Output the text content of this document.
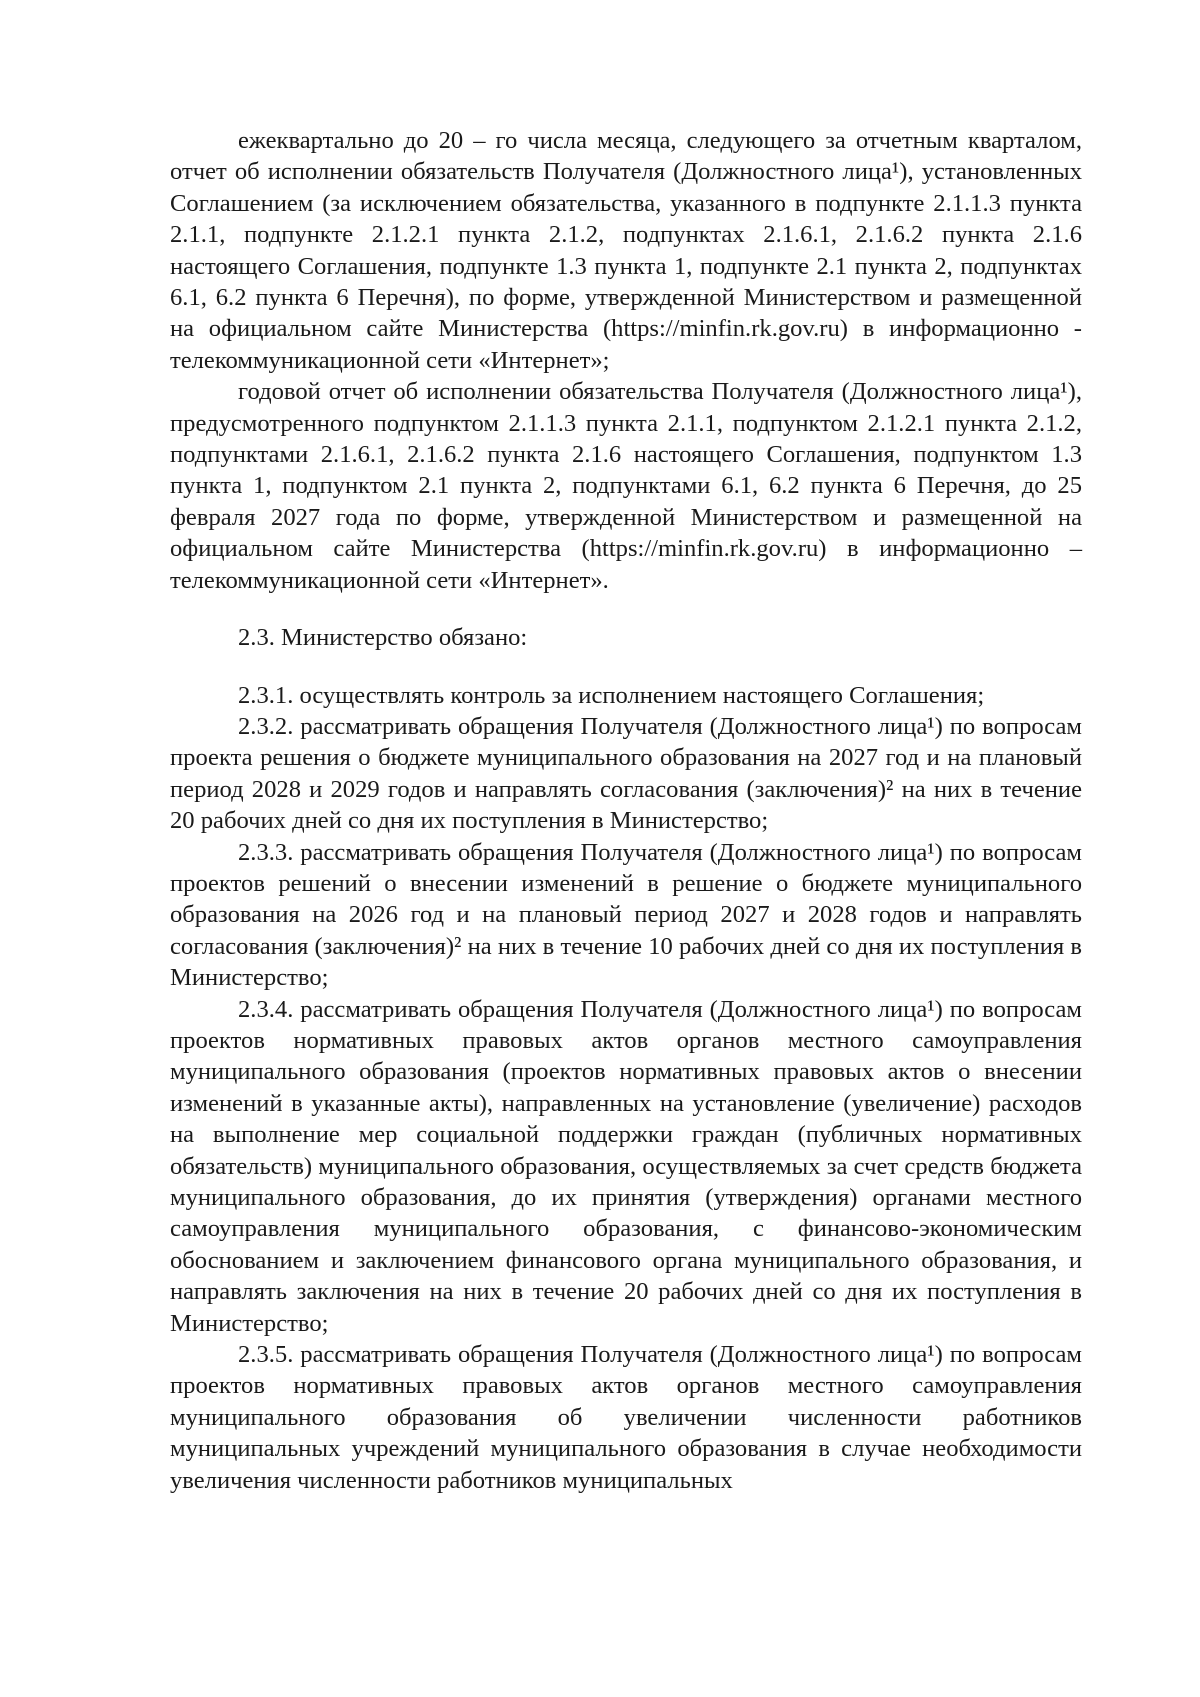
ежеквартально до 20 – го числа месяца, следующего за отчетным кварталом, отчет об исполнении обязательств Получателя (Должностного лица¹), установленных Соглашением (за исключением обязательства, указанного в подпункте 2.1.1.3 пункта 2.1.1, подпункте 2.1.2.1 пункта 2.1.2, подпунктах 2.1.6.1, 2.1.6.2 пункта 2.1.6 настоящего Соглашения, подпункте 1.3 пункта 1, подпункте 2.1 пункта 2, подпунктах 6.1, 6.2 пункта 6 Перечня), по форме, утвержденной Министерством и размещенной на официальном сайте Министерства (https://minfin.rk.gov.ru) в информационно - телекоммуникационной сети «Интернет»;

годовой отчет об исполнении обязательства Получателя (Должностного лица¹), предусмотренного подпунктом 2.1.1.3 пункта 2.1.1, подпунктом 2.1.2.1 пункта 2.1.2, подпунктами 2.1.6.1, 2.1.6.2 пункта 2.1.6 настоящего Соглашения, подпунктом 1.3 пункта 1, подпунктом 2.1 пункта 2, подпунктами 6.1, 6.2 пункта 6 Перечня, до 25 февраля 2027 года по форме, утвержденной Министерством и размещенной на официальном сайте Министерства (https://minfin.rk.gov.ru) в информационно – телекоммуникационной сети «Интернет».

2.3. Министерство обязано:

2.3.1. осуществлять контроль за исполнением настоящего Соглашения;

2.3.2. рассматривать обращения Получателя (Должностного лица¹) по вопросам проекта решения о бюджете муниципального образования на 2027 год и на плановый период 2028 и 2029 годов и направлять согласования (заключения)² на них в течение 20 рабочих дней со дня их поступления в Министерство;

2.3.3. рассматривать обращения Получателя (Должностного лица¹) по вопросам проектов решений о внесении изменений в решение о бюджете муниципального образования на 2026 год и на плановый период 2027 и 2028 годов и направлять согласования (заключения)² на них в течение 10 рабочих дней со дня их поступления в Министерство;

2.3.4. рассматривать обращения Получателя (Должностного лица¹) по вопросам проектов нормативных правовых актов органов местного самоуправления муниципального образования (проектов нормативных правовых актов о внесении изменений в указанные акты), направленных на установление (увеличение) расходов на выполнение мер социальной поддержки граждан (публичных нормативных обязательств) муниципального образования, осуществляемых за счет средств бюджета муниципального образования, до их принятия (утверждения) органами местного самоуправления муниципального образования, с финансово-экономическим обоснованием и заключением финансового органа муниципального образования, и направлять заключения на них в течение 20 рабочих дней со дня их поступления в Министерство;

2.3.5. рассматривать обращения Получателя (Должностного лица¹) по вопросам проектов нормативных правовых актов органов местного самоуправления муниципального образования об увеличении численности работников муниципальных учреждений муниципального образования в случае необходимости увеличения численности работников муниципальных
